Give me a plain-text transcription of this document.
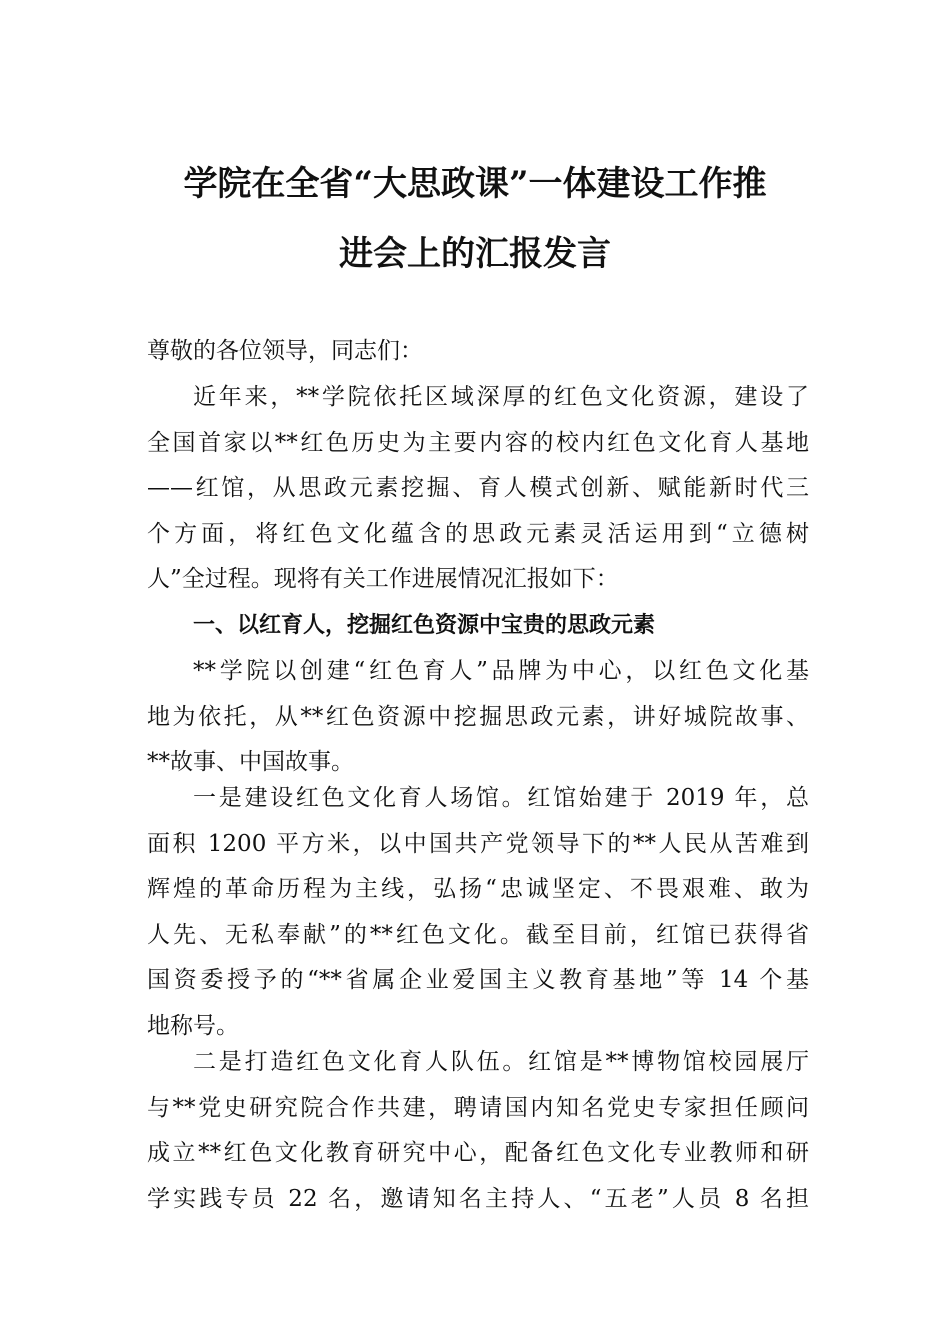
学院在全省“大思政课”一体建设工作推
进会上的汇报发言
尊敬的各位领导，同志们：
近年来，**学院依托区域深厚的红色文化资源，建设了
全国首家以**红色历史为主要内容的校内红色文化育人基地
——红馆，从思政元素挖掘、育人模式创新、赋能新时代三
个方面，将红色文化蕴含的思政元素灵活运用到“立德树
人”全过程。现将有关工作进展情况汇报如下：
一、以红育人，挖掘红色资源中宝贵的思政元素
**学院以创建“红色育人”品牌为中心，以红色文化基
地为依托，从**红色资源中挖掘思政元素，讲好城院故事、
**故事、中国故事。
一是建设红色文化育人场馆。红馆始建于 2019 年，总
面积 1200 平方米，以中国共产党领导下的**人民从苦难到
辉煌的革命历程为主线，弘扬“忠诚坚定、不畏艰难、敢为
人先、无私奉献”的**红色文化。截至目前，红馆已获得省
国资委授予的“**省属企业爱国主义教育基地”等 14 个基
地称号。
二是打造红色文化育人队伍。红馆是**博物馆校园展厅
与**党史研究院合作共建，聘请国内知名党史专家担任顾问
成立**红色文化教育研究中心，配备红色文化专业教师和研
学实践专员 22 名，邀请知名主持人、“五老”人员 8 名担
